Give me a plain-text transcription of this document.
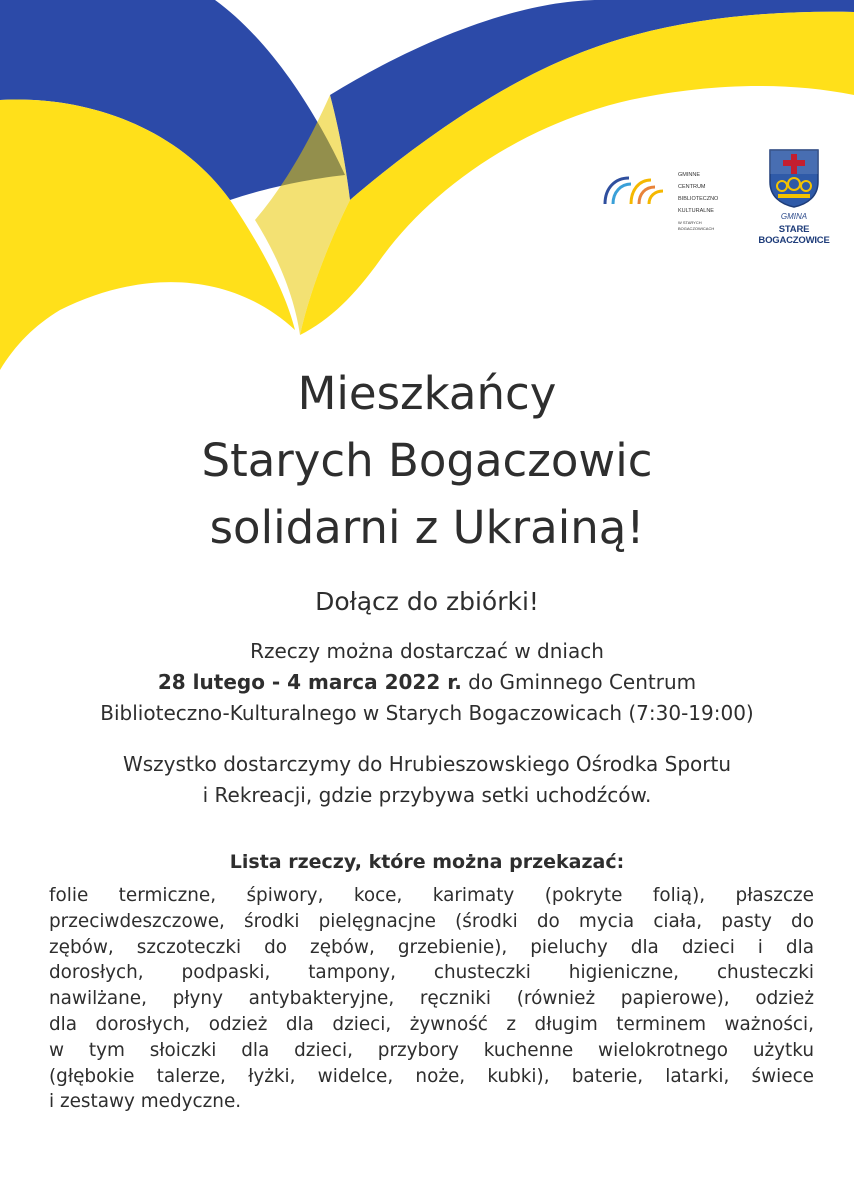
GMINNE

CENTRUM

BIBLIOTECZNO

KULTURALNE

W STARYCH BOGACZOWICACH

GMINA
STARE BOGACZOWICE
Mieszkańcy
Starych Bogaczowic
solidarni z Ukrainą!
Dołącz do zbiórki!
Rzeczy można dostarczać w dniach
28 lutego - 4 marca 2022 r. do Gminnego Centrum
Biblioteczno-Kulturalnego w Starych Bogaczowicach (7:30-19:00)
Wszystko dostarczymy do Hrubieszowskiego Ośrodka Sportu
i Rekreacji, gdzie przybywa setki uchodźców.
Lista rzeczy, które można przekazać:
folie termiczne, śpiwory, koce, karimaty (pokryte folią), płaszcze
przeciwdeszczowe, środki pielęgnacjne (środki do mycia ciała, pasty do
zębów, szczoteczki do zębów, grzebienie), pieluchy dla dzieci i dla
dorosłych, podpaski, tampony, chusteczki higieniczne, chusteczki
nawilżane, płyny antybakteryjne, ręczniki (również papierowe), odzież
dla dorosłych, odzież dla dzieci, żywność z długim terminem ważności,
w tym słoiczki dla dzieci, przybory kuchenne wielokrotnego użytku
(głębokie talerze, łyżki, widelce, noże, kubki), baterie, latarki, świece
i zestawy medyczne.
